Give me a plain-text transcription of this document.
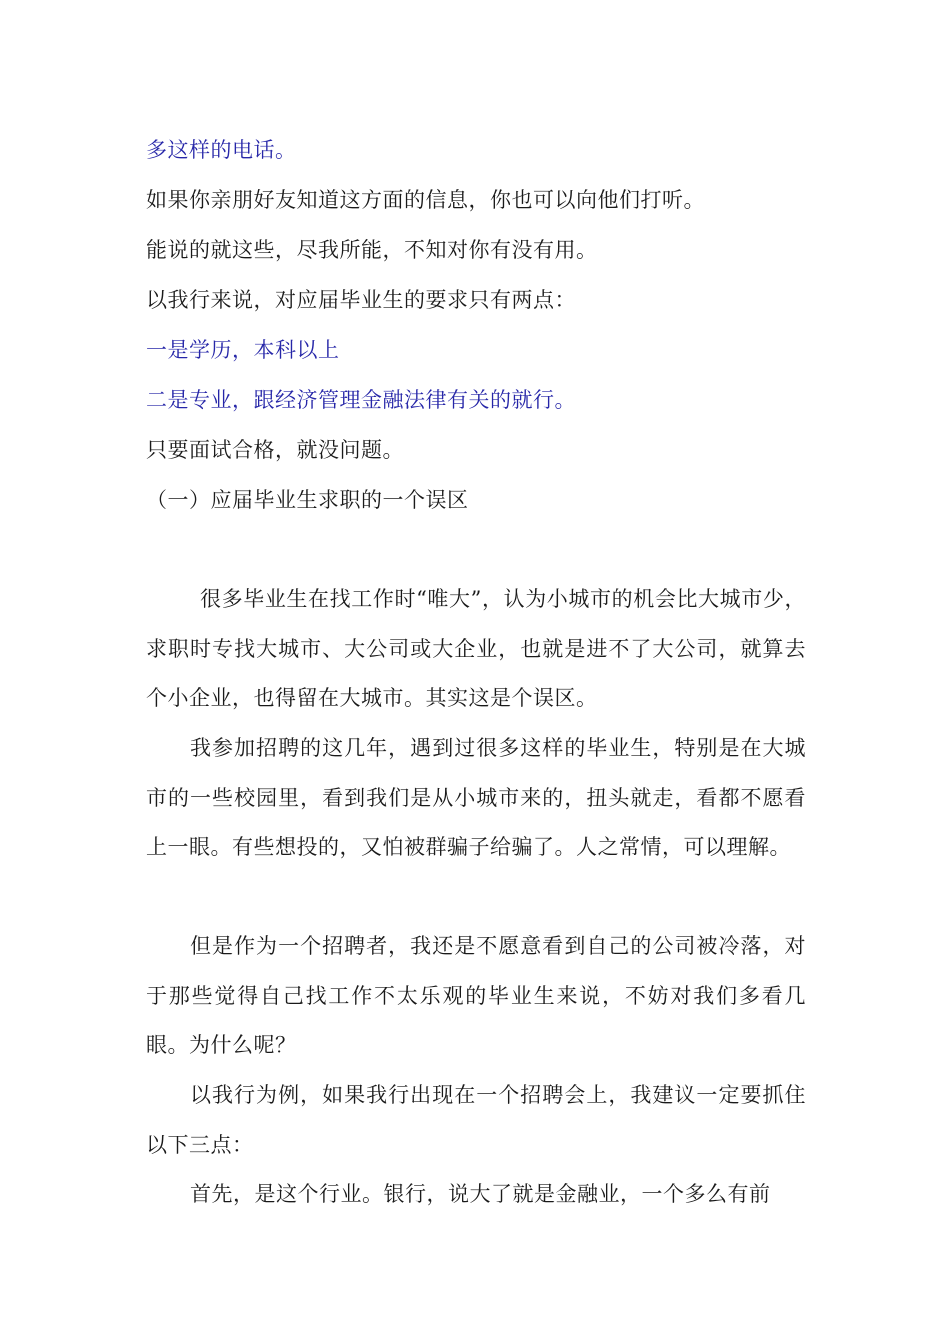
多这样的电话。
如果你亲朋好友知道这方面的信息，你也可以向他们打听。
能说的就这些，尽我所能，不知对你有没有用。
以我行来说，对应届毕业生的要求只有两点：
一是学历，本科以上
二是专业，跟经济管理金融法律有关的就行。
只要面试合格，就没问题。
（一）应届毕业生求职的一个误区
很多毕业生在找工作时“唯大”，认为小城市的机会比大城市少，求职时专找大城市、大公司或大企业，也就是进不了大公司，就算去个小企业，也得留在大城市。其实这是个误区。
我参加招聘的这几年，遇到过很多这样的毕业生，特别是在大城市的一些校园里，看到我们是从小城市来的，扭头就走，看都不愿看上一眼。有些想投的，又怕被群骗子给骗了。人之常情，可以理解。
但是作为一个招聘者，我还是不愿意看到自己的公司被冷落，对于那些觉得自己找工作不太乐观的毕业生来说，不妨对我们多看几眼。为什么呢？
以我行为例，如果我行出现在一个招聘会上，我建议一定要抓住以下三点：
首先，是这个行业。银行，说大了就是金融业，一个多么有前
